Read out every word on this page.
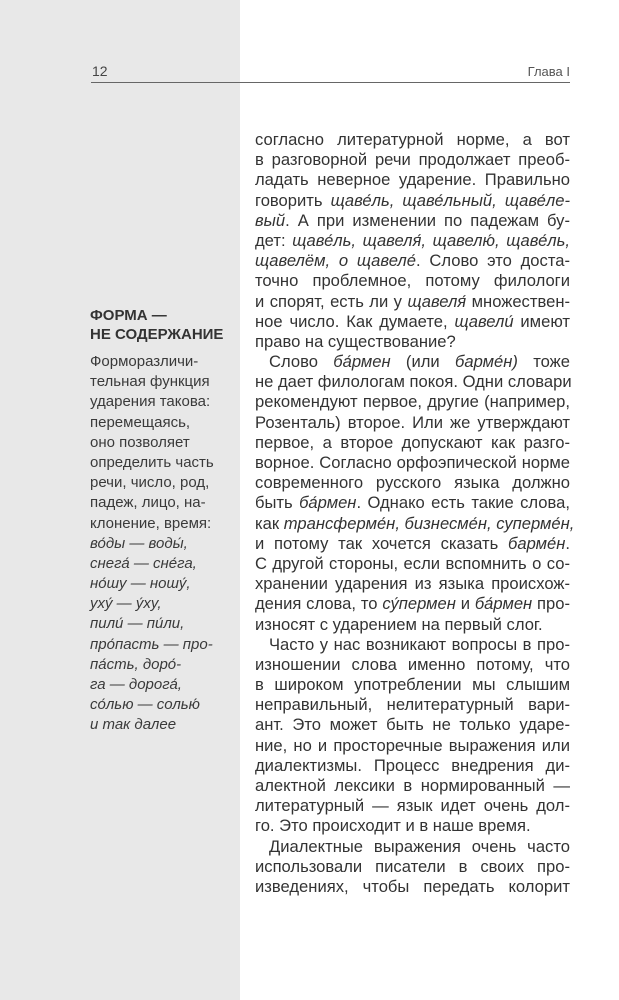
12	Глава I
ФОРМА —
НЕ СОДЕРЖАНИЕ
Форморазличи-
тельная функция
ударения такова:
перемещаясь,
оно позволяет
определить часть
речи, число, род,
падеж, лицо, на-
клонение, время:
во́ды — воды́,
снега́ — сне́га,
но́шу — ношу́,
уху́ — у́ху,
пили́ — пи́ли,
про́пасть — про-
па́сть, доро́-
га — дорога́,
со́лью — солью́
и так далее
согласно литературной норме, а вот
в разговорной речи продолжает преоб-
ладать неверное ударение. Правильно
говорить щаве́ль, щаве́льный, щаве́ле-
вый. А при изменении по падежам бу-
дет: щаве́ль, щавеля́, щавелю́, щаве́ль,
щавелём, о щавеле́. Слово это доста-
точно проблемное, потому филологи
и спорят, есть ли у щавеля́ множествен-
ное число. Как думаете, щавели́ имеют
право на существование?
Слово ба́рмен (или барме́н) тоже
не дает филологам покоя. Одни словари
рекомендуют первое, другие (например,
Розенталь) второе. Или же утверждают
первое, а второе допускают как разго-
ворное. Согласно орфоэпической норме
современного русского языка должно
быть ба́рмен. Однако есть такие слова,
как трансферме́н, бизнесме́н, суперме́н,
и потому так хочется сказать барме́н.
С другой стороны, если вспомнить о со-
хранении ударения из языка происхож-
дения слова, то су́пермен и ба́рмен про-
износят с ударением на первый слог.
Часто у нас возникают вопросы в про-
изношении слова именно потому, что
в широком употреблении мы слышим
неправильный, нелитературный вари-
ант. Это может быть не только ударе-
ние, но и просторечные выражения или
диалектизмы. Процесс внедрения ди-
алектной лексики в нормированный —
литературный — язык идет очень дол-
го. Это происходит и в наше время.
Диалектные выражения очень часто
использовали писатели в своих про-
изведениях, чтобы передать колорит
